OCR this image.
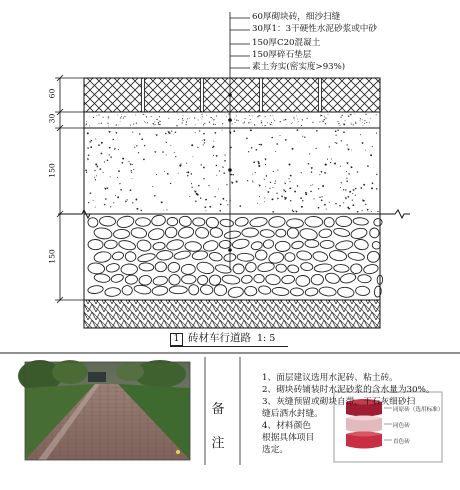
60厚砌块砖，细沙扫缝
30厚1：3干硬性水泥砂浆或中砂
150厚C20混凝土
150厚碎石垫层
素土夯实(密实度>93%)
60
30
150
150
1 砖材车行道路 1: 5
备
注
1、面层建议选用水泥砖、粘土砖。
2、砌块砖铺装时水泥砂浆的含水量为30%。
3、灰缝预留或砌块自带，干石灰细砂扫
缝后洒水封缝。
4、材料颜色
根据具体项目
选定。
同原砖（选用标准）
同色砖
直色砖
